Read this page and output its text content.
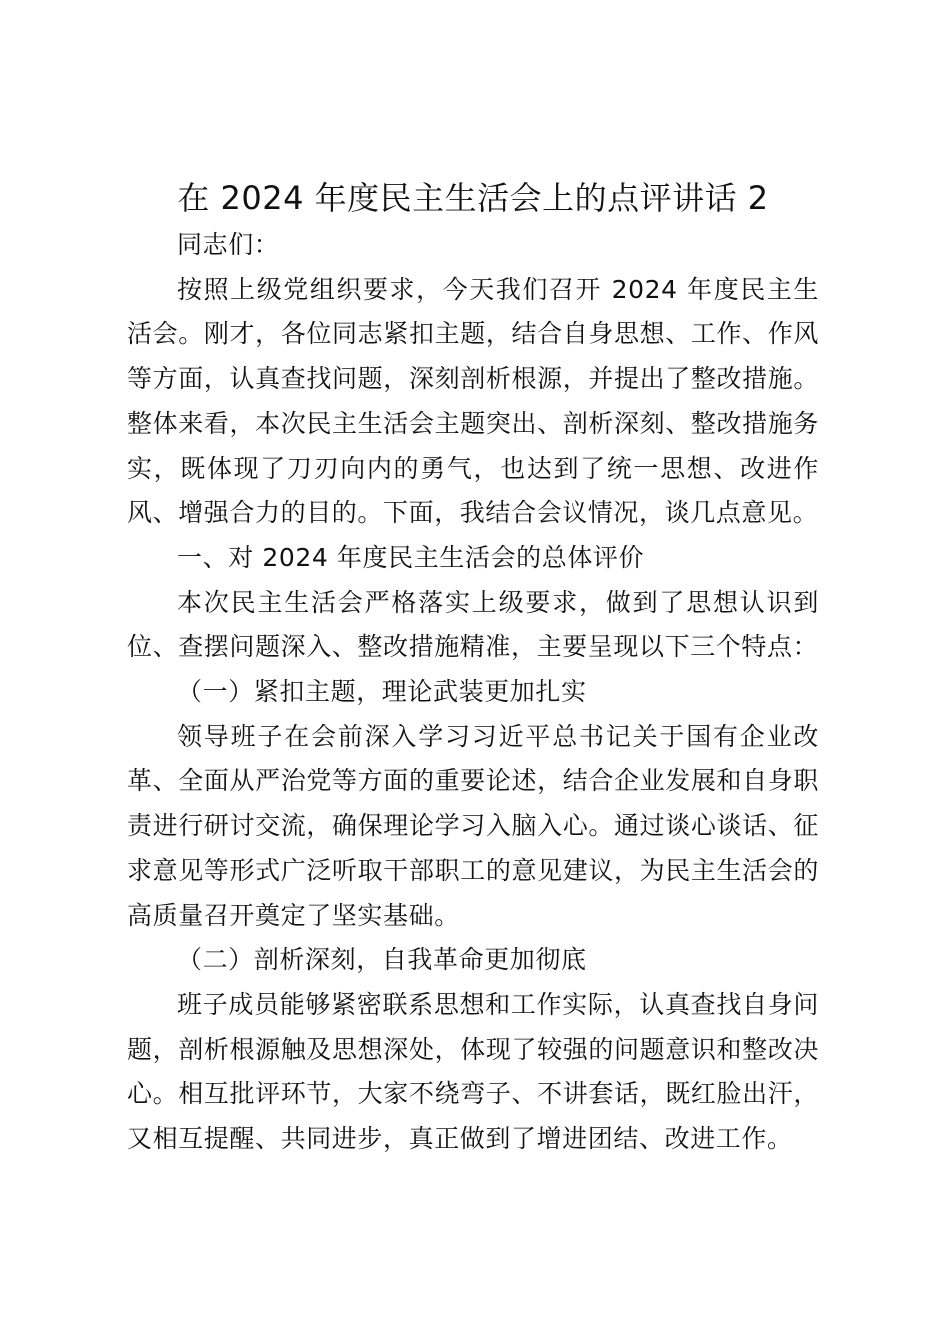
在 2024 年度民主生活会上的点评讲话 2

同志们：

按照上级党组织要求，今天我们召开 2024 年度民主生活会。刚才，各位同志紧扣主题，结合自身思想、工作、作风等方面，认真查找问题，深刻剖析根源，并提出了整改措施。整体来看，本次民主生活会主题突出、剖析深刻、整改措施务实，既体现了刀刃向内的勇气，也达到了统一思想、改进作风、增强合力的目的。下面，我结合会议情况，谈几点意见。

一、对 2024 年度民主生活会的总体评价

本次民主生活会严格落实上级要求，做到了思想认识到位、查摆问题深入、整改措施精准，主要呈现以下三个特点：

（一）紧扣主题，理论武装更加扎实

领导班子在会前深入学习习近平总书记关于国有企业改革、全面从严治党等方面的重要论述，结合企业发展和自身职责进行研讨交流，确保理论学习入脑入心。通过谈心谈话、征求意见等形式广泛听取干部职工的意见建议，为民主生活会的高质量召开奠定了坚实基础。

（二）剖析深刻，自我革命更加彻底

班子成员能够紧密联系思想和工作实际，认真查找自身问题，剖析根源触及思想深处，体现了较强的问题意识和整改决心。相互批评环节，大家不绕弯子、不讲套话，既红脸出汗，又相互提醒、共同进步，真正做到了增进团结、改进工作。
